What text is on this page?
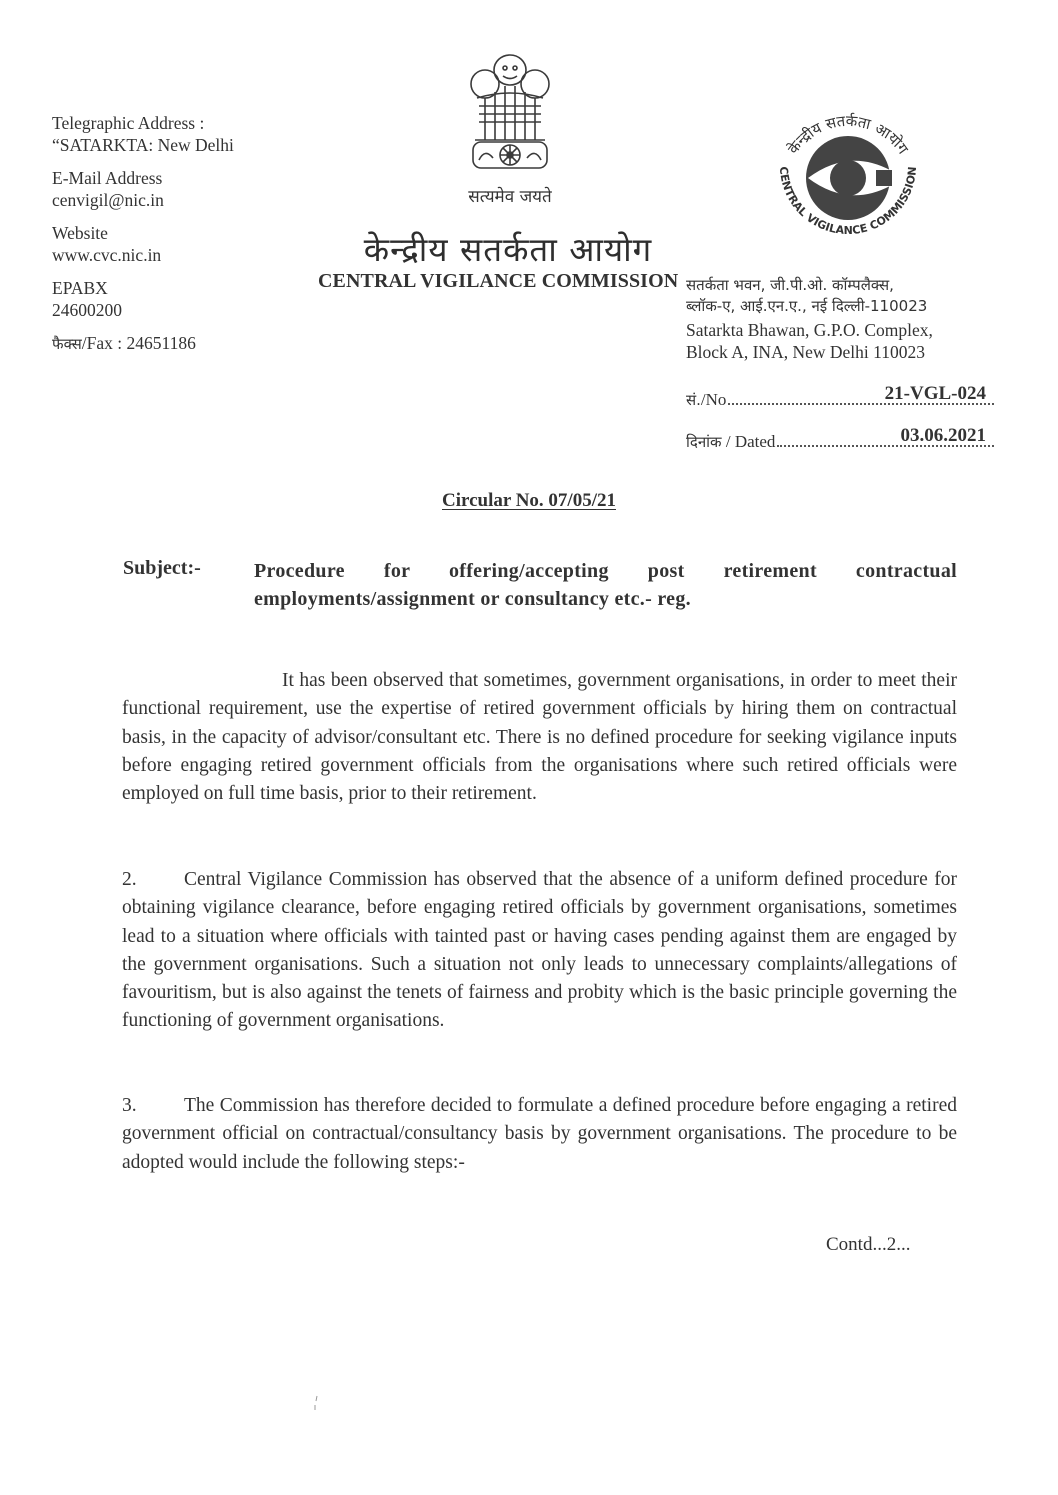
Telegraphic Address :
“SATARKTA: New Delhi
E-Mail Address
cenvigil@nic.in
Website
www.cvc.nic.in
EPABX
24600200
फैक्स/Fax : 24651186
सत्यमेव जयते
केन्द्रीय सतर्कता आयोग
CENTRAL VIGILANCE COMMISSION
केन्द्रीय सतर्कता आयोग
CENTRAL VIGILANCE COMMISSION
सतर्कता भवन, जी.पी.ओ. कॉम्पलैक्स,
ब्लॉक-ए, आई.एन.ए., नई दिल्ली-110023
Satarkta Bhawan, G.P.O. Complex,
Block A, INA, New Delhi 110023
सं./No	21-VGL-024
दिनांक / Dated	03.06.2021
Circular No. 07/05/21
Subject:-	Procedure for offering/accepting post retirement contractual employments/assignment or consultancy etc.- reg.
It has been observed that sometimes, government organisations, in order to meet their functional requirement, use the expertise of retired government officials by hiring them on contractual basis, in the capacity of advisor/consultant etc. There is no defined procedure for seeking vigilance inputs before engaging retired government officials from the organisations where such retired officials were employed on full time basis, prior to their retirement.
2. Central Vigilance Commission has observed that the absence of a uniform defined procedure for obtaining vigilance clearance, before engaging retired officials by government organisations, sometimes lead to a situation where officials with tainted past or having cases pending against them are engaged by the government organisations. Such a situation not only leads to unnecessary complaints/allegations of favouritism, but is also against the tenets of fairness and probity which is the basic principle governing the functioning of government organisations.
3. The Commission has therefore decided to formulate a defined procedure before engaging a retired government official on contractual/consultancy basis by government organisations. The procedure to be adopted would include the following steps:-
Contd...2...
